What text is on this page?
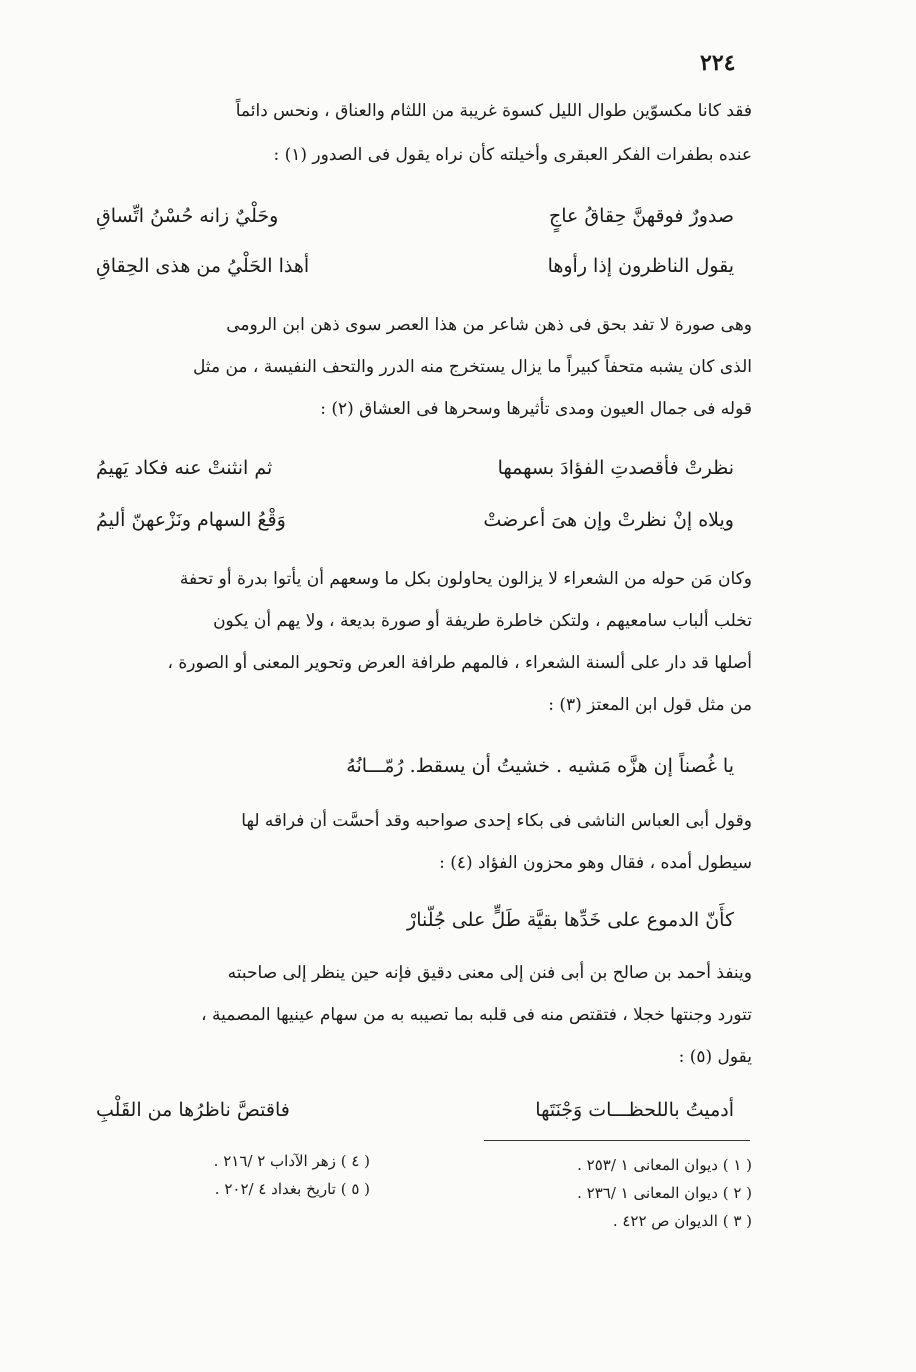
٢٢٤
فقد كانا مكسوّين طوال الليل كسوة غريبة من اللثام والعناق ، ونحس دائماً
عنده بطفرات الفكر العبقرى وأخيلته كأن نراه يقول فى الصدور (١) :
صدورٌ فوقهنَّ حِقاقُ عاجٍ
وحَلْيٌ زانه حُسْنُ اتِّساقِ
يقول الناظرون إذا رأوها
أهذا الحَلْيُ من هذى الحِقاقِ
وهى صورة لا تفد بحق فى ذهن شاعر من هذا العصر سوى ذهن ابن الرومى
الذى كان يشبه متحفاً كبيراً ما يزال يستخرج منه الدرر والتحف النفيسة ، من مثل
قوله فى جمال العيون ومدى تأثيرها وسحرها فى العشاق (٢) :
نظرتْ فأقصدتِ الفؤادَ بسهمها
ثم انثنتْ عنه فكاد يَهيمُ
ويلاه إنْ نظرتْ وإن هىَ أعرضتْ
وَقْعُ السهام ونَزْعهنّ أليمُ
وكان مَن حوله من الشعراء لا يزالون يحاولون بكل ما وسعهم أن يأتوا بدرة أو تحفة
تخلب ألباب سامعيهم ، ولتكن خاطرة طريفة أو صورة بديعة ، ولا يهم أن يكون
أصلها قد دار على ألسنة الشعراء ، فالمهم طرافة العرض وتحوير المعنى أو الصورة ،
من مثل قول ابن المعتز (٣) :
يا غُصناً إن هزَّه مَشيه . خشيتُ أن يسقط. رُمّـــانُهُ
وقول أبى العباس الناشى فى بكاء إحدى صواحبه وقد أحسَّت أن فراقه لها
سيطول أمده ، فقال وهو محزون الفؤاد (٤) :
كأَنّ الدموع على خَدِّها بقيَّة طَلٍّ على جُلّنارْ
وينفذ أحمد بن صالح بن أبى فنن إلى معنى دقيق فإنه حين ينظر إلى صاحبته
تتورد وجنتها خجلا ، فتقتص منه فى قلبه بما تصيبه به من سهام عينيها المصمية ،
يقول (٥) :
أدميتُ باللحظـــات وَجْنَتَها
فاقتصَّ ناظرُها من القَلْبِ
( ١ ) ديوان المعانى ١ /٢٥٣ .
( ٢ ) ديوان المعانى ١ /٢٣٦ .
( ٣ ) الديوان ص ٤٢٢ .
( ٤ ) زهر الآداب ٢ /٢١٦ .
( ٥ ) تاريخ بغداد ٤ /٢٠٢ .
